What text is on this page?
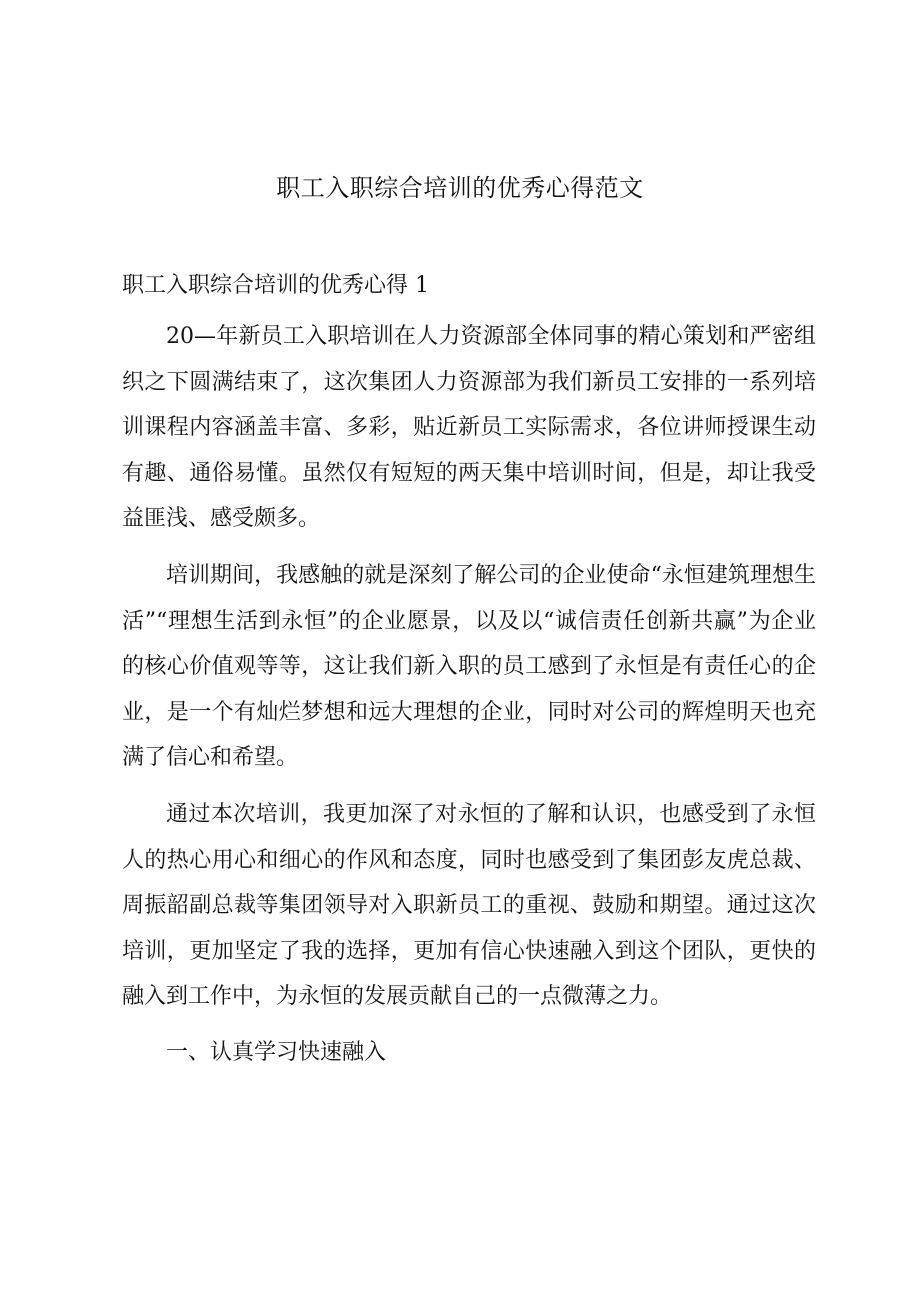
职工入职综合培训的优秀心得范文
职工入职综合培训的优秀心得 1

20—年新员工入职培训在人力资源部全体同事的精心策划和严密组织之下圆满结束了，这次集团人力资源部为我们新员工安排的一系列培训课程内容涵盖丰富、多彩，贴近新员工实际需求，各位讲师授课生动有趣、通俗易懂。虽然仅有短短的两天集中培训时间，但是，却让我受益匪浅、感受颇多。

培训期间，我感触的就是深刻了解公司的企业使命“永恒建筑理想生活”“理想生活到永恒”的企业愿景，以及以“诚信责任创新共赢”为企业的核心价值观等等，这让我们新入职的员工感到了永恒是有责任心的企业，是一个有灿烂梦想和远大理想的企业，同时对公司的辉煌明天也充满了信心和希望。

通过本次培训，我更加深了对永恒的了解和认识，也感受到了永恒人的热心用心和细心的作风和态度，同时也感受到了集团彭友虎总裁、周振韶副总裁等集团领导对入职新员工的重视、鼓励和期望。通过这次培训，更加坚定了我的选择，更加有信心快速融入到这个团队，更快的融入到工作中，为永恒的发展贡献自己的一点微薄之力。

一、认真学习快速融入
